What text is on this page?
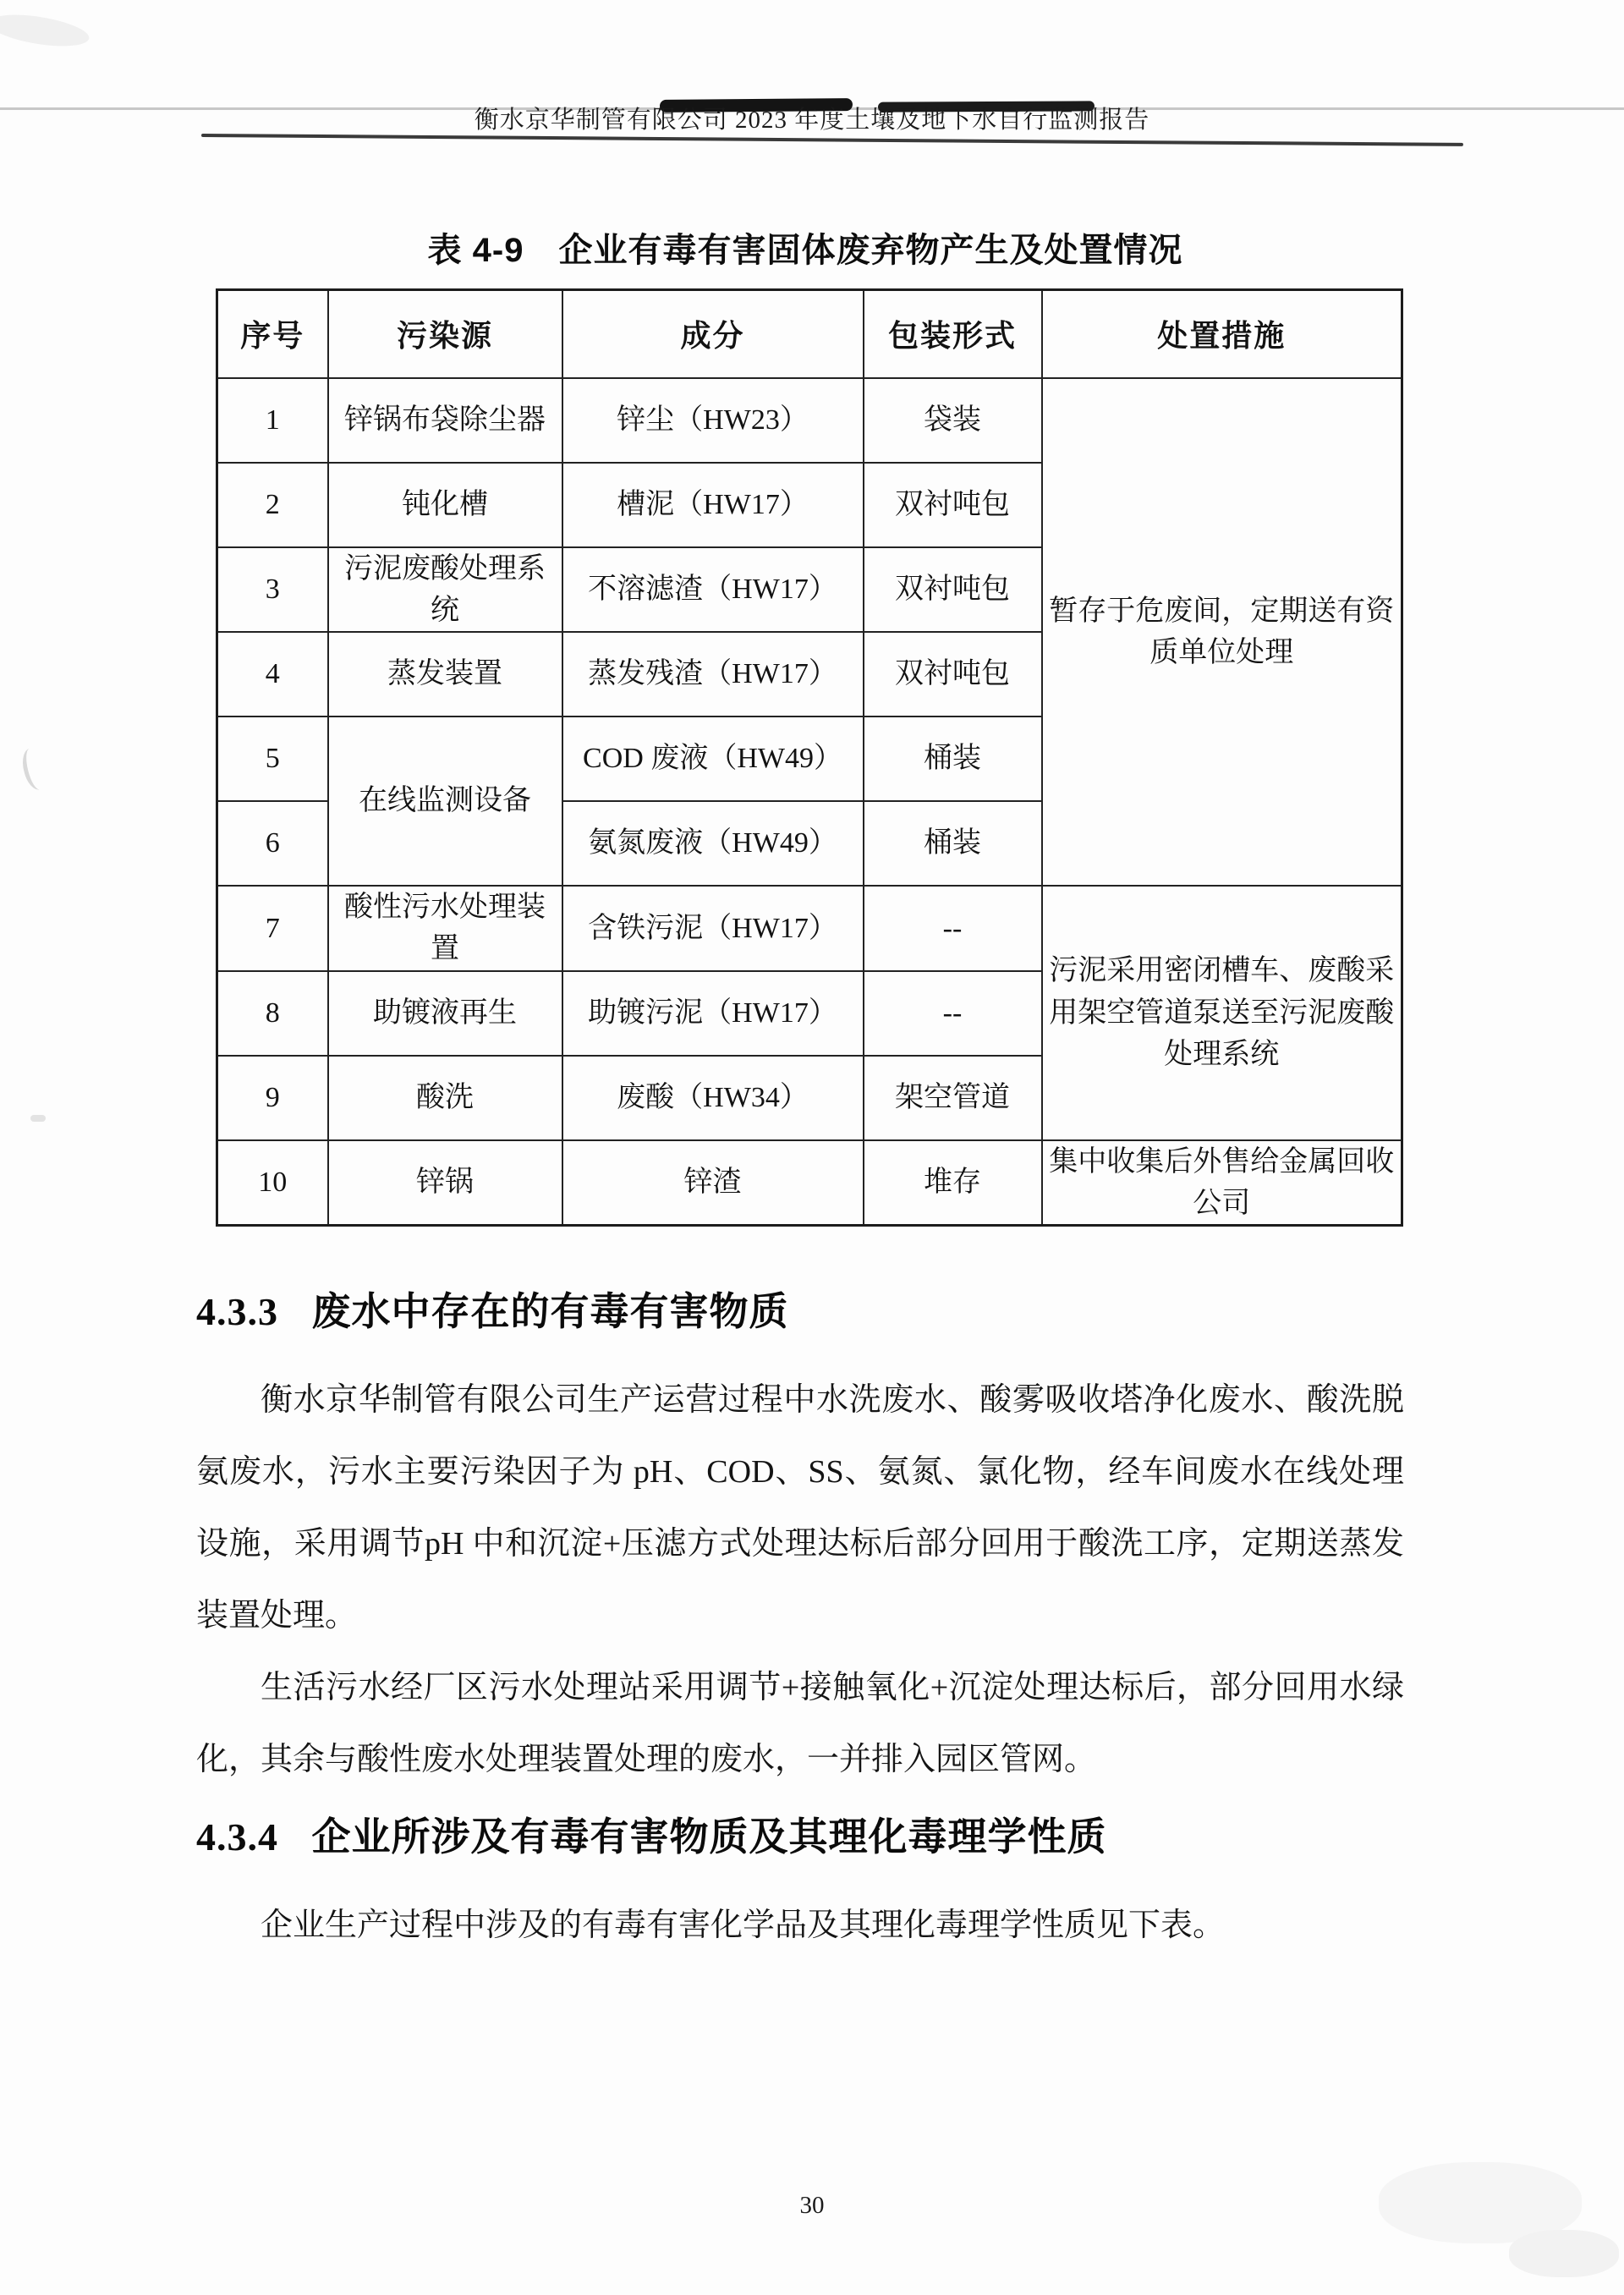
衡水京华制管有限公司 2023 年度土壤及地下水自行监测报告
表 4-9　企业有毒有害固体废弃物产生及处置情况
序号	污染源	成分	包装形式	处置措施
1	锌锅布袋除尘器	锌尘（HW23）	袋装	暂存于危废间，定期送有资质单位处理
2	钝化槽	槽泥（HW17）	双衬吨包	
3	污泥废酸处理系统	不溶滤渣（HW17）	双衬吨包	
4	蒸发装置	蒸发残渣（HW17）	双衬吨包	
5	在线监测设备	COD 废液（HW49）	桶装	
6		氨氮废液（HW49）	桶装	
7	酸性污水处理装置	含铁污泥（HW17）	--	污泥采用密闭槽车、废酸采用架空管道泵送至污泥废酸处理系统
8	助镀液再生	助镀污泥（HW17）	--	
9	酸洗	废酸（HW34）	架空管道	
10	锌锅	锌渣	堆存	集中收集后外售给金属回收公司
4.3.3 废水中存在的有毒有害物质

衡水京华制管有限公司生产运营过程中水洗废水、酸雾吸收塔净化废水、酸洗脱氨废水，污水主要污染因子为 pH、COD、SS、氨氮、氯化物，经车间废水在线处理设施，采用调节pH 中和沉淀+压滤方式处理达标后部分回用于酸洗工序，定期送蒸发装置处理。

生活污水经厂区污水处理站采用调节+接触氧化+沉淀处理达标后，部分回用水绿化，其余与酸性废水处理装置处理的废水，一并排入园区管网。

4.3.4 企业所涉及有毒有害物质及其理化毒理学性质

企业生产过程中涉及的有毒有害化学品及其理化毒理学性质见下表。

30
